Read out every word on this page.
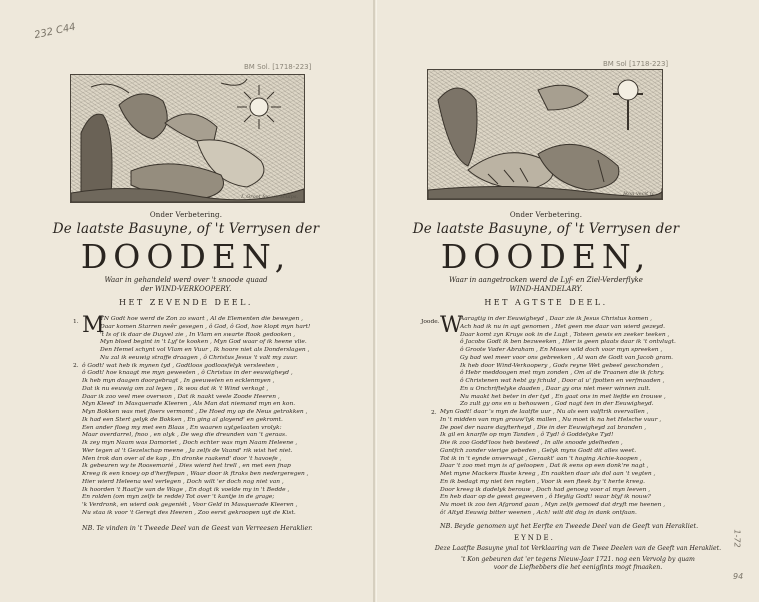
232 C44
1-72
94
I. Groot fec. et Sculps.
BM Sol. [1718-223]
Ikon vecit fc.
BM Sol [1718-223]
Onder Verbetering.
De laatste Basuyne, of 't Verrysen der
DOODEN,
Waar in gehandeld werd over 't snoode quaad
der WIND-VERKOOPERY.
HET ZEVENDE DEEL.
Onder Verbetering.
De laatste Basuyne, of 't Verrysen der
DOODEN,
Waar in aangetrocken werd de Lyf- en Ziel-Verderflyke
WIND-HANDELARY.
HET AGTSTE DEEL.
1. M
YN Godt hoe werd de Zon zo swart , Al de Elementen die bewegen ,
Daar komen Starren neêr gesegen , ô God, ô God, hoe klopt myn hart!
't Is of ik daar de Duyvel zie , In Vlam en swarte Rook gedooken ,
Myn bloed begint in 't Lyf te kooken , Myn God waar of ik heene vlie.
Den Hemel schynt vol Vlam en Vuur , Ik hoore niet als Donderslagen ,
Nu zal ik eeuwig straffe draagen , ô Christus Jesus 't valt my zuur.
ô Godt! wat heb ik mynen tyd , Godtloos godloosfelyk versleeten ,
ô Godt! hoe knaagt me myn geweeten , ô Christus in der eeuwigheyd ,
Ik heb myn daagen doorgebragt , In geeuwelen en ecklenmyen ,
Dat ik nu eeuwig om zal leyen , Ik wou dat ik 't Wind verkogt ,
Daar ik zoo veel mee overwon , Dat ik naakt veele Zoode Heeren ,
Myn Kleed' in Masquerade Kleeren , Als Man dat niemand myn en kon.
Myn Bokken was met floers vermomt , De Hoed my op de Neus getrokken ,
Ik had een Stert gelyk de Bokken , En ging al gloyend' en gekromt.
Een ander floeg my met een Blaas , En waaren uytgelaaten vrolyk:
Maar overdarrel, fnoo , en olyk , De weg die dreunden van 't geraas.
Ik zey myn Naam was Damoriet , Doch echter was myn Naam Heleene ,
Wer tegen al 't Gezelschap meene , Ja zelfs de Vaand' rik wist het niet.
Men trok dan over al de kap , En dronke raakend' door 't havoefe ,
Ik gebeuren wy te Roosemorié , Dies wierd het trell , en met een fnap
Kreeg ik een knoey op d'herffepan , Waar door ik ftraks ben nedergeregen ,
Hier wierd Heleena wel verlegen , Doch wilt 'er doch nog niet van ,
Ik hoorden 't Raat'je van de Wage , En dogt ik voelde my in 't Bedde ,
En rolden (om myn zelfs te redde) Tot over 't kantje in de grage;
'k Verdronk, en wierd ook gegeniét , Voor Geld in Masquerade Kleeren ,
Nu staa ik voor 't Geregt des Heeren , Zoo eerst gekroopen uyt de Kist.
2.
NB. Te vinden in 't Tweede Deel van de Geest van Verreesen Heraklier.
Joode. W
Aaragtig in der Eeuwigheyd , Daar zie ik Jesus Christus komen ,
Ach had ik nu in agt genomen , Het geen me daar van wierd gezeyd.
Daar komt zyn Kruys ook in de Lugt , Toteen gewis en zeeker teeken ,
ô Jacobs Godt ik ben bezweeken , Hier is geen plaats daar ik 't ontvlugt.
ô Groote Vader Abraham , En Moses wild doch voor myn spreeken ,
Gy bad wel meer voor ons gebreeken , Al wan de Godt van Jacob gram.
Ik heb door Wind-Verkoopery , Gods reyne Wet gebeel geschonden ,
ô Hebr meddoogen met myn zonden , Om al de Traanen die ik fchry.
ô Christenen wat hebt gy fchuld , Door al u' fpotten en verfmaaden ,
En u Onchriftelyke daaden , Daar gy ons niet meer winnen zult.
Nu maakt het beter in der tyd , En gaat ons in met liefde en trouwe ,
Zo zult gy ons en u behouwen , God nagt ten in der Eeuwigheyd.
Myn Godt! daar 's myn de laatfte uur , Nu als een valftrik overvallen ,
In 't midden van myn grouw'lyk mallen , Nu moet ik na het Helsche vuur ,
De poel der naare dayfterheyd , Die in der Eeuwigheyd zal branden ,
Ik gil en knarfle op myn Tanden , ô Tyd! ô Goddelyke Tyd!
Die ik zoo Godd'loos heb besteed , In alle snoode ydelheden ,
Gantfch zonder vierige gebeden , Gelyk myns Godt dit alles weet.
Tot ik in 't eynde onverwagt , Geraakt' aan 't hoging Achie-koopen ,
Daar 't zoo met myn is af geloopen , Dat ik eens op een donk're nagt ,
Met myne Mackers Ruste kreeg , En raakten daar als dol aan 't vegten ,
En ik bedagt my niet ten regten , Voor ik een fteek by 't herte kreeg.
Door kreeg ik dadelyk berouw , Doch had genoeg voor al myn leeven ,
En heb daar op de geest gegeeven , ô Heylig Godt! waar blyf ik nouw?
Nu moet ik zoo ten Afgrond gaan , Myn zelfs gemoed dat dryft me heenen ,
ô! Altyd Eeuwig bitter weenen , Ach! wilt dit dog in dank ontfaan.
2.
NB. Beyde genomen uyt het Eerfte en Tweede Deel van de Geeft van Herakliet.
EYNDE.
Deze Laatfte Basuyne ynal tot Verklaaring van de Twee Deelen van de Geeft van Herakliet.
't Kon gebeuren dat 'er tegens Nieuw-Jaar 1721. nog een Vervolg by quam
voor de Liefhebbers die het eenigfints mogt fmaaken.
